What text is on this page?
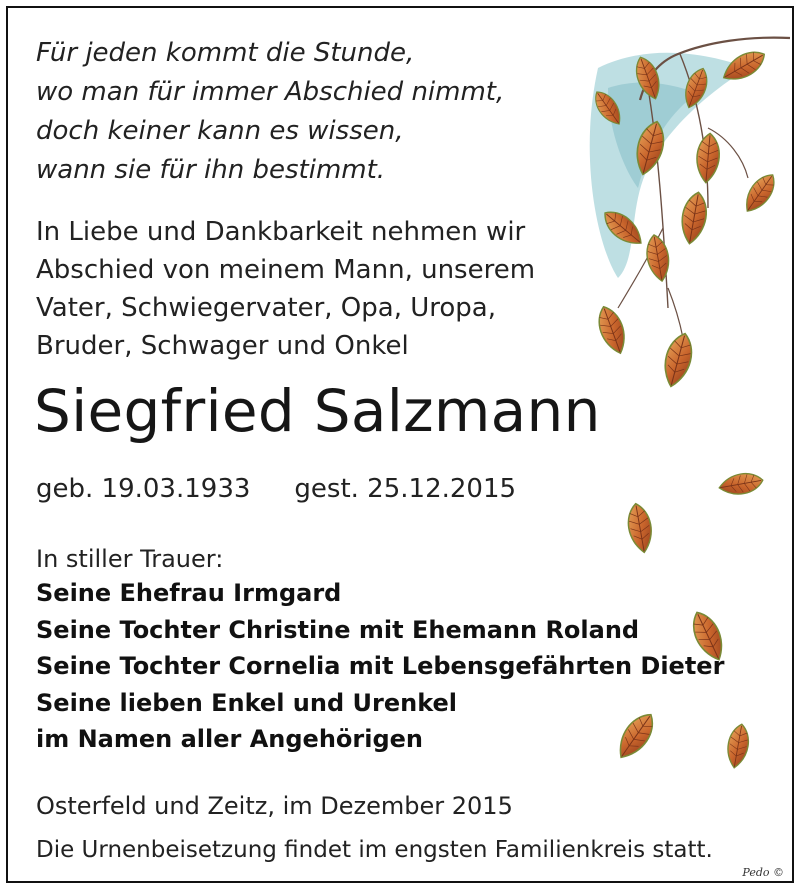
Für jeden kommt die Stunde,
wo man für immer Abschied nimmt,
doch keiner kann es wissen,
wann sie für ihn bestimmt.
In Liebe und Dankbarkeit nehmen wir
Abschied von meinem Mann, unserem
Vater, Schwiegervater, Opa, Uropa,
Bruder, Schwager und Onkel
Siegfried Salzmann
geb. 19.03.1933 gest. 25.12.2015
In stiller Trauer:
Seine Ehefrau Irmgard
Seine Tochter Christine mit Ehemann Roland
Seine Tochter Cornelia mit Lebensgefährten Dieter
Seine lieben Enkel und Urenkel
im Namen aller Angehörigen
Osterfeld und Zeitz, im Dezember 2015
Die Urnenbeisetzung findet im engsten Familienkreis statt.
Pedo ©
